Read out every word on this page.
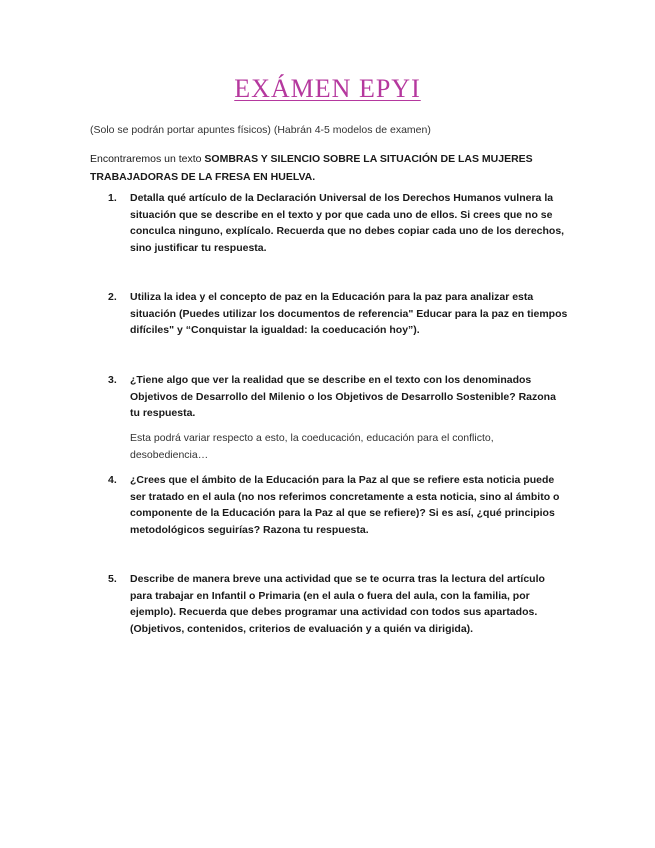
EXÁMEN EPYI

(Solo se podrán portar apuntes físicos) (Habrán 4-5 modelos de examen)

Encontraremos un texto SOMBRAS Y SILENCIO SOBRE LA SITUACIÓN DE LAS MUJERES TRABAJADORAS DE LA FRESA EN HUELVA.

1. Detalla qué artículo de la Declaración Universal de los Derechos Humanos vulnera la situación que se describe en el texto y por que cada uno de ellos. Si crees que no se conculca ninguno, explícalo. Recuerda que no debes copiar cada uno de los derechos, sino justificar tu respuesta.
2. Utiliza la idea y el concepto de paz en la Educación para la paz para analizar esta situación (Puedes utilizar los documentos de referencia" Educar para la paz en tiempos difíciles" y “Conquistar la igualdad: la coeducación hoy”).
3. ¿Tiene algo que ver la realidad que se describe en el texto con los denominados Objetivos de Desarrollo del Milenio o los Objetivos de Desarrollo Sostenible? Razona tu respuesta.

Esta podrá variar respecto a esto, la coeducación, educación para el conflicto, desobediencia…

4. ¿Crees que el ámbito de la Educación para la Paz al que se refiere esta noticia puede ser tratado en el aula (no nos referimos concretamente a esta noticia, sino al ámbito o componente de la Educación para la Paz al que se refiere)? Si es así, ¿qué principios metodológicos seguirías? Razona tu respuesta.
5. Describe de manera breve una actividad que se te ocurra tras la lectura del artículo para trabajar en Infantil o Primaria (en el aula o fuera del aula, con la familia, por ejemplo). Recuerda que debes programar una actividad con todos sus apartados. (Objetivos, contenidos, criterios de evaluación y a quién va dirigida).
